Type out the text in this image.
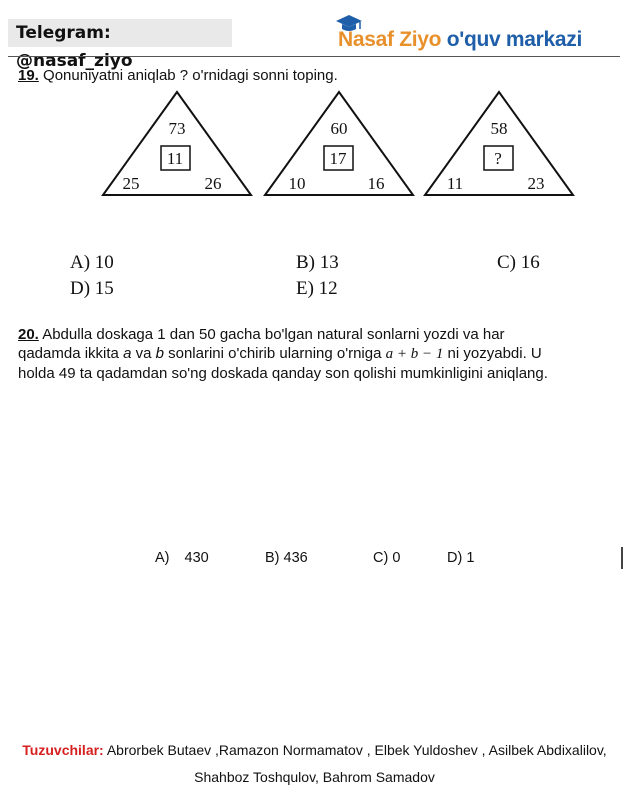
Telegram: @nasaf_ziyo
Nasaf Ziyo o'quv markazi
19. Qonuniyatni aniqlab ? o'rnidagi sonni toping.
73
11
25	26
60
17
10	16
58
?
11	23
A) 10	B) 13	C) 16
D) 15	E) 12
20. Abdulla doskaga 1 dan 50 gacha bo'lgan natural sonlarni yozdi va har
qadamda ikkita a va b sonlarini o'chirib ularning o'rniga a + b − 1 ni yozyabdi. U
holda 49 ta qadamdan so'ng doskada qanday son qolishi mumkinligini aniqlang.
A) 430	B) 436	C) 0	D) 1
Tuzuvchilar: Abrorbek Butaev ,Ramazon Normamatov , Elbek Yuldoshev , Asilbek Abdixalilov,
Shahboz Toshqulov, Bahrom Samadov
